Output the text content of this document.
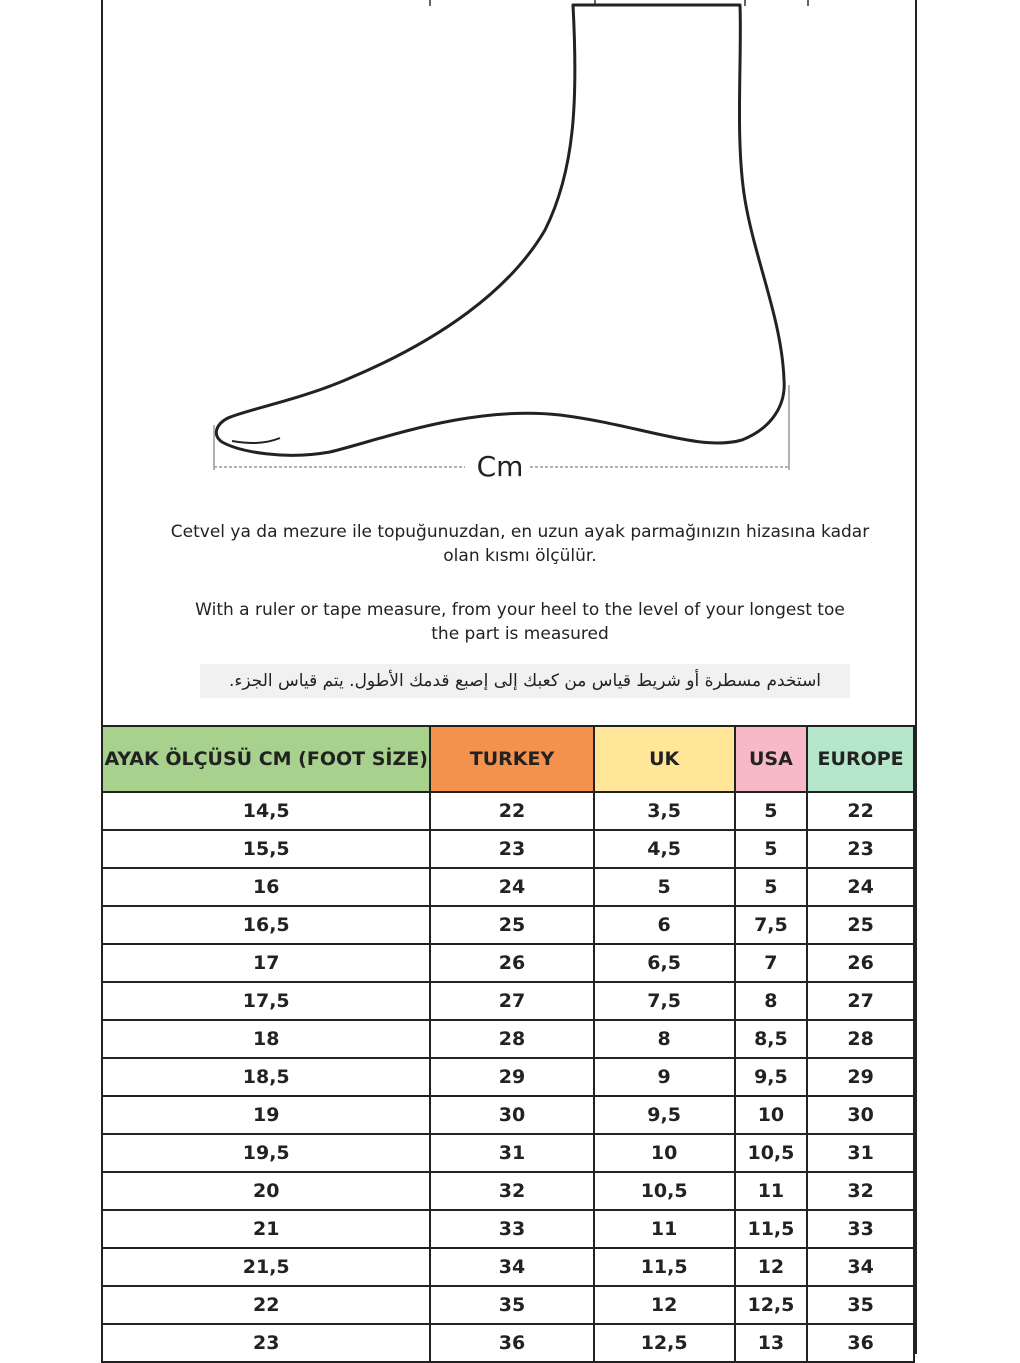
Cm
Cetvel ya da mezure ile topuğunuzdan, en uzun ayak parmağınızın hizasına kadar
olan kısmı ölçülür.
With a ruler or tape measure, from your heel to the level of your longest toe
the part is measured
استخدم مسطرة أو شريط قياس من كعبك إلى إصبع قدمك الأطول. يتم قياس الجزء.
AYAK ÖLÇÜSÜ CM (FOOT SİZE)	TURKEY	UK	USA	EUROPE
14,5	22	3,5	5	22
15,5	23	4,5	5	23
16	24	5	5	24
16,5	25	6	7,5	25
17	26	6,5	7	26
17,5	27	7,5	8	27
18	28	8	8,5	28
18,5	29	9	9,5	29
19	30	9,5	10	30
19,5	31	10	10,5	31
20	32	10,5	11	32
21	33	11	11,5	33
21,5	34	11,5	12	34
22	35	12	12,5	35
23	36	12,5	13	36
